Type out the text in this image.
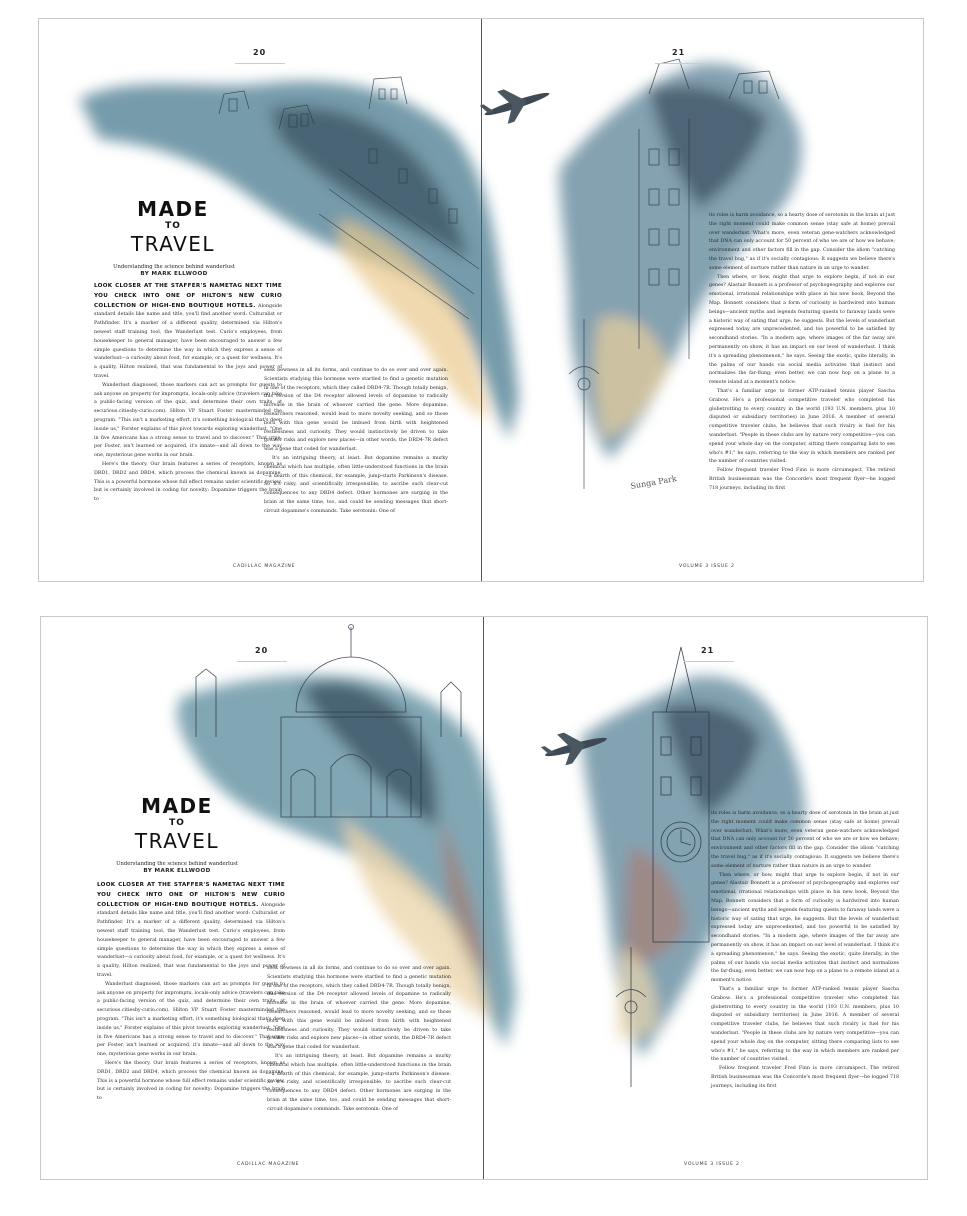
Sunga Park
20	21
MADE
TO
TRAVEL
Understanding the science behind wanderlust
BY MARK ELLWOOD

LOOK CLOSER AT THE STAFFER'S NAMETAG NEXT TIME YOU CHECK INTO ONE OF HILTON'S NEW CURIO COLLECTION OF HIGH-END BOUTIQUE HOTELS. Alongside standard details like name and title, you'll find another word: Culturalist or Pathfinder. It's a marker of a different quality, determined via Hilton's newest staff training tool, the Wanderlust test. Curio's employees, from housekeeper to general manager, have been encouraged to answer a few simple questions to determine the way in which they express a sense of wanderlust—a curiosity about food, for example, or a quest for wellness. It's a quality, Hilton realized, that was fundamental to the joys and power of travel.

Wanderlust diagnosed, those markers can act as prompts for guests to ask anyone on property for impromptu, locals-only advice (travelers can take a public-facing version of the quiz, and determine their own traits, at securious.citiesby-curio.com). Hilton VP Stuart Foster masterminded the program. "This isn't a marketing effort, it's something biological that's deep inside us," Forster explains of this pivot towards exploring wanderlust. "One in five Americans has a strong sense to travel and to discover." That urge, per Foster, isn't learned or acquired, it's innate—and all down to the way one, mysterious gene works in our brain.

Here's the theory. Our brain features a series of receptors, known as DRD1, DRD2 and DRD4, which process the chemical known as dopamine. This is a powerful hormone whose full effect remains under scientific review, but is certainly involved in coding for novelty: Dopamine triggers the brain to

seek newness in all its forms, and continue to do so over and over again. Scientists studying this hormone were startled to find a genetic mutation in one of the receptors, which they called DRD4-7R. Though totally benign, this version of the D4 receptor allowed levels of dopamine to radically increase in the brain of whoever carried the gene. More dopamine, researchers reasoned, would lead to more novelty seeking, and so those born with this gene would be imbued from birth with heightened restlessness and curiosity. They would instinctively be driven to take greater risks and explore new places—in other words, the DRD4-7R defect was a gene that coded for wanderlust.

It's an intriguing theory, at least. But dopamine remains a murky chemical which has multiple, often little-understood functions in the brain—a dearth of this chemical, for example, jump-starts Parkinson's disease. So it's risky, and scientifically irresponsible, to ascribe such clear-cut consequences to any DRD4 defect. Other hormones are surging in the brain at the same time, too, and could be sending messages that short-circuit dopamine's commands. Take serotonin: One of

its roles is harm avoidance, so a hearty dose of serotonin in the brain at just the right moment could make common sense (stay safe at home) prevail over wanderlust. What's more, even veteran gene-watchers acknowledged that DNA can only account for 50 percent of who we are or how we behave; environment and other factors fill in the gap. Consider the idiom "catching the travel bug," as if it's socially contagious: It suggests we believe there's some element of nurture rather than nature in an urge to wander.

Then where, or how, might that urge to explore begin, if not in our genes? Alastair Bonnett is a professor of psychogeography and explores our emotional, irrational relationships with place in his new book, Beyond the Map. Bonnett considers that a form of curiosity is hardwired into human beings—ancient myths and legends featuring quests to faraway lands were a historic way of sating that urge, he suggests. But the levels of wanderlust expressed today are unprecedented, and too powerful to be satisfied by secondhand stories. "In a modern age, where images of the far away are permanently on show, it has an impact on our level of wanderlust. I think it's a spreading phenomenon," he says. Seeing the exotic, quite literally, in the palms of our hands via social media activates that instinct and normalizes the far-flung; even better, we can now hop on a plane to a remote island at a moment's notice.

That's a familiar urge to former ATP-ranked tennis player Sascha Grabow. He's a professional competitive traveler who completed his globetrotting to every country in the world (193 U.N. members, plus 10 disputed or subsidiary territories) in June 2016. A member of several competitive traveler clubs, he believes that such rivalry is fuel for his wanderlust. "People in these clubs are by nature very competitive—you can spend your whole day on the computer, sitting there comparing lists to see who's #1," he says, referring to the way in which members are ranked per the number of countries visited.

Fellow frequent traveler Fred Finn is more circumspect. The retired British businessman was the Concorde's most frequent flyer—he logged 718 journeys, including its first

CADILLAC MAGAZINE	VOLUME 3 ISSUE 2
20	21
MADE
TO
TRAVEL
Understanding the science behind wanderlust
BY MARK ELLWOOD

LOOK CLOSER AT THE STAFFER'S NAMETAG NEXT TIME YOU CHECK INTO ONE OF HILTON'S NEW CURIO COLLECTION OF HIGH-END BOUTIQUE HOTELS. Alongside standard details like name and title, you'll find another word: Culturalist or Pathfinder. It's a marker of a different quality, determined via Hilton's newest staff training tool, the Wanderlust test. Curio's employees, from housekeeper to general manager, have been encouraged to answer a few simple questions to determine the way in which they express a sense of wanderlust—a curiosity about food, for example, or a quest for wellness. It's a quality, Hilton realized, that was fundamental to the joys and power of travel.

Wanderlust diagnosed, those markers can act as prompts for guests to ask anyone on property for impromptu, locals-only advice (travelers can take a public-facing version of the quiz, and determine their own traits, at securious.citiesby-curio.com). Hilton VP Stuart Foster masterminded the program. "This isn't a marketing effort, it's something biological that's deep inside us," Forster explains of this pivot towards exploring wanderlust. "One in five Americans has a strong sense to travel and to discover." That urge, per Foster, isn't learned or acquired, it's innate—and all down to the way one, mysterious gene works in our brain.

Here's the theory. Our brain features a series of receptors, known as DRD1, DRD2 and DRD4, which process the chemical known as dopamine. This is a powerful hormone whose full effect remains under scientific review, but is certainly involved in coding for novelty: Dopamine triggers the brain to

seek newness in all its forms, and continue to do so over and over again. Scientists studying this hormone were startled to find a genetic mutation in one of the receptors, which they called DRD4-7R. Though totally benign, this version of the D4 receptor allowed levels of dopamine to radically increase in the brain of whoever carried the gene. More dopamine, researchers reasoned, would lead to more novelty seeking, and so those born with this gene would be imbued from birth with heightened restlessness and curiosity. They would instinctively be driven to take greater risks and explore new places—in other words, the DRD4-7R defect was a gene that coded for wanderlust.

It's an intriguing theory, at least. But dopamine remains a murky chemical which has multiple, often little-understood functions in the brain—a dearth of this chemical, for example, jump-starts Parkinson's disease. So it's risky, and scientifically irresponsible, to ascribe such clear-cut consequences to any DRD4 defect. Other hormones are surging in the brain at the same time, too, and could be sending messages that short-circuit dopamine's commands. Take serotonin: One of

its roles is harm avoidance, so a hearty dose of serotonin in the brain at just the right moment could make common sense (stay safe at home) prevail over wanderlust. What's more, even veteran gene-watchers acknowledged that DNA can only account for 50 percent of who we are or how we behave; environment and other factors fill in the gap. Consider the idiom "catching the travel bug," as if it's socially contagious: It suggests we believe there's some element of nurture rather than nature in an urge to wander.

Then where, or how, might that urge to explore begin, if not in our genes? Alastair Bonnett is a professor of psychogeography and explores our emotional, irrational relationships with place in his new book, Beyond the Map. Bonnett considers that a form of curiosity is hardwired into human beings—ancient myths and legends featuring quests to faraway lands were a historic way of sating that urge, he suggests. But the levels of wanderlust expressed today are unprecedented, and too powerful to be satisfied by secondhand stories. "In a modern age, where images of the far away are permanently on show, it has an impact on our level of wanderlust. I think it's a spreading phenomenon," he says. Seeing the exotic, quite literally, in the palms of our hands via social media activates that instinct and normalizes the far-flung; even better, we can now hop on a plane to a remote island at a moment's notice.

That's a familiar urge to former ATP-ranked tennis player Sascha Grabow. He's a professional competitive traveler who completed his globetrotting to every country in the world (193 U.N. members, plus 10 disputed or subsidiary territories) in June 2016. A member of several competitive traveler clubs, he believes that such rivalry is fuel for his wanderlust. "People in these clubs are by nature very competitive—you can spend your whole day on the computer, sitting there comparing lists to see who's #1," he says, referring to the way in which members are ranked per the number of countries visited.

Fellow frequent traveler Fred Finn is more circumspect. The retired British businessman was the Concorde's most frequent flyer—he logged 718 journeys, including its first

CADILLAC MAGAZINE	VOLUME 3 ISSUE 2
